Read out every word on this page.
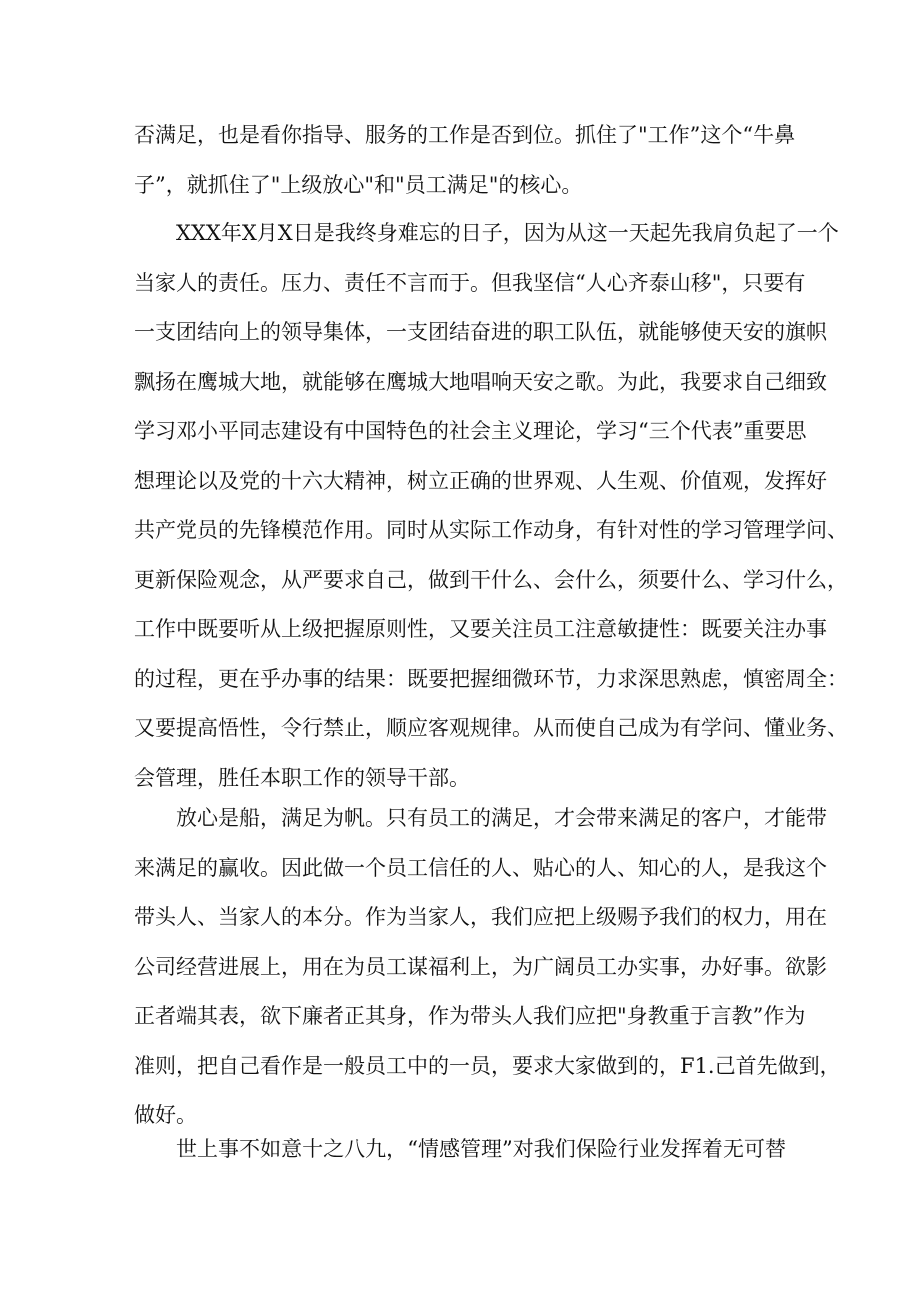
否满足，也是看你指导、服务的工作是否到位。抓住了"工作”这个“牛鼻
子”，就抓住了"上级放心"和"员工满足"的核心。
XXX年X月X日是我终身难忘的日子，因为从这一天起先我肩负起了一个
当家人的责任。压力、责任不言而于。但我坚信“人心齐泰山移"，只要有
一支团结向上的领导集体，一支团结奋进的职工队伍，就能够使天安的旗帜
飘扬在鹰城大地，就能够在鹰城大地唱响天安之歌。为此，我要求自己细致
学习邓小平同志建设有中国特色的社会主义理论，学习“三个代表”重要思
想理论以及党的十六大精神，树立正确的世界观、人生观、价值观，发挥好
共产党员的先锋模范作用。同时从实际工作动身，有针对性的学习管理学问、
更新保险观念，从严要求自己，做到干什么、会什么，须要什么、学习什么，
工作中既要听从上级把握原则性，又要关注员工注意敏捷性：既要关注办事
的过程，更在乎办事的结果：既要把握细微环节，力求深思熟虑，慎密周全：
又要提高悟性，令行禁止，顺应客观规律。从而使自己成为有学问、懂业务、
会管理，胜任本职工作的领导干部。
放心是船，满足为帆。只有员工的满足，才会带来满足的客户，才能带
来满足的赢收。因此做一个员工信任的人、贴心的人、知心的人，是我这个
带头人、当家人的本分。作为当家人，我们应把上级赐予我们的权力，用在
公司经营进展上，用在为员工谋福利上，为广阔员工办实事，办好事。欲影
正者端其表，欲下廉者正其身，作为带头人我们应把"身教重于言教”作为
准则，把自己看作是一般员工中的一员，要求大家做到的，F1.己首先做到，
做好。
世上事不如意十之八九，“情感管理”对我们保险行业发挥着无可替
